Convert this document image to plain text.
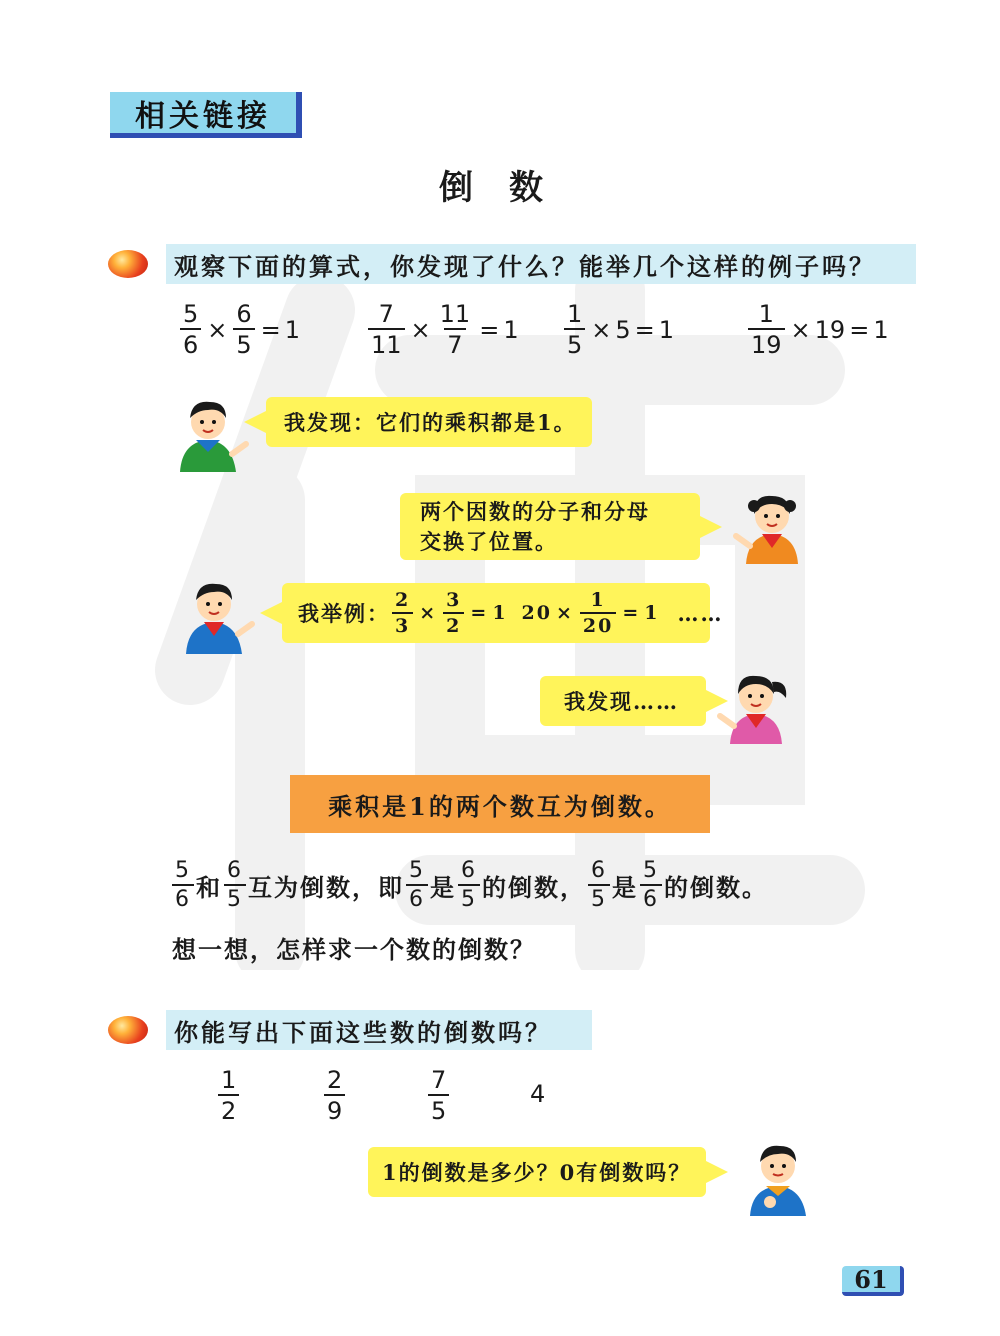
相关链接
倒数
观察下面的算式，你发现了什么？能举几个这样的例子吗？
$\frac{5}{6} \times \frac{6}{5} = 1$	$\frac{7}{11} \times \frac{11}{7} = 1 \frac{1}{5} \times 5 = 1$	$\frac{1}{19} \times 19 = 1$
我发现：它们的乘积都是1。
两个因数的分子和分母
交换了位置。
我举例： $\frac{2}{3} \times \frac{3}{2} = 1$ $20 \times \frac{1}{20} = 1$ ……
我发现……
乘积是1的两个数互为倒数。
$\frac{5}{6}$ 和 $\frac{6}{5}$ 互为倒数，即 $\frac{5}{6}$ 是 $\frac{6}{5}$ 的倒数， $\frac{6}{5}$ 是 $\frac{5}{6}$ 的倒数。
想一想，怎样求一个数的倒数？
你能写出下面这些数的倒数吗？
$\frac{1}{2}$	$\frac{2}{9}$	$\frac{7}{5}$	4
1的倒数是多少？0有倒数吗？
61
